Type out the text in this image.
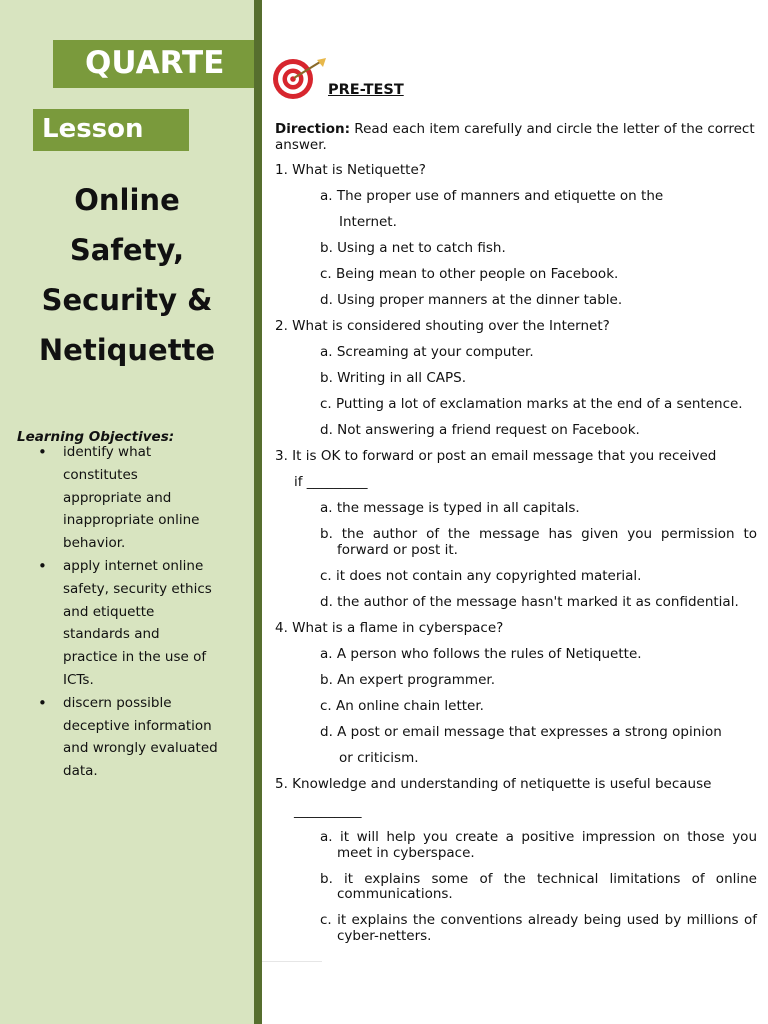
QUARTE
Lesson
Online
Safety,
Security &
Netiquette

Learning Objectives:

• identify what constitutes appropriate and inappropriate online behavior.
• apply internet online safety, security ethics and etiquette standards and practice in the use of ICTs.
• discern possible deceptive information and wrongly evaluated data.

PRE-TEST

Direction: Read each item carefully and circle the letter of the correct answer.

1. What is Netiquette?

a. The proper use of manners and etiquette on the

Internet.

b. Using a net to catch fish.

c. Being mean to other people on Facebook.

d. Using proper manners at the dinner table.

2. What is considered shouting over the Internet?

a. Screaming at your computer.

b. Writing in all CAPS.

c. Putting a lot of exclamation marks at the end of a sentence.

d. Not answering a friend request on Facebook.

3. It is OK to forward or post an email message that you received

if _________

a. the message is typed in all capitals.

b. the author of the message has given you permission to forward or post it.

c. it does not contain any copyrighted material.

d. the author of the message hasn't marked it as confidential.

4. What is a flame in cyberspace?

a. A person who follows the rules of Netiquette.

b. An expert programmer.

c. An online chain letter.

d. A post or email message that expresses a strong opinion

or criticism.

5. Knowledge and understanding of netiquette is useful because

__________

a. it will help you create a positive impression on those you meet in cyberspace.

b. it explains some of the technical limitations of online communications.

c. it explains the conventions already being used by millions of cyber-netters.
